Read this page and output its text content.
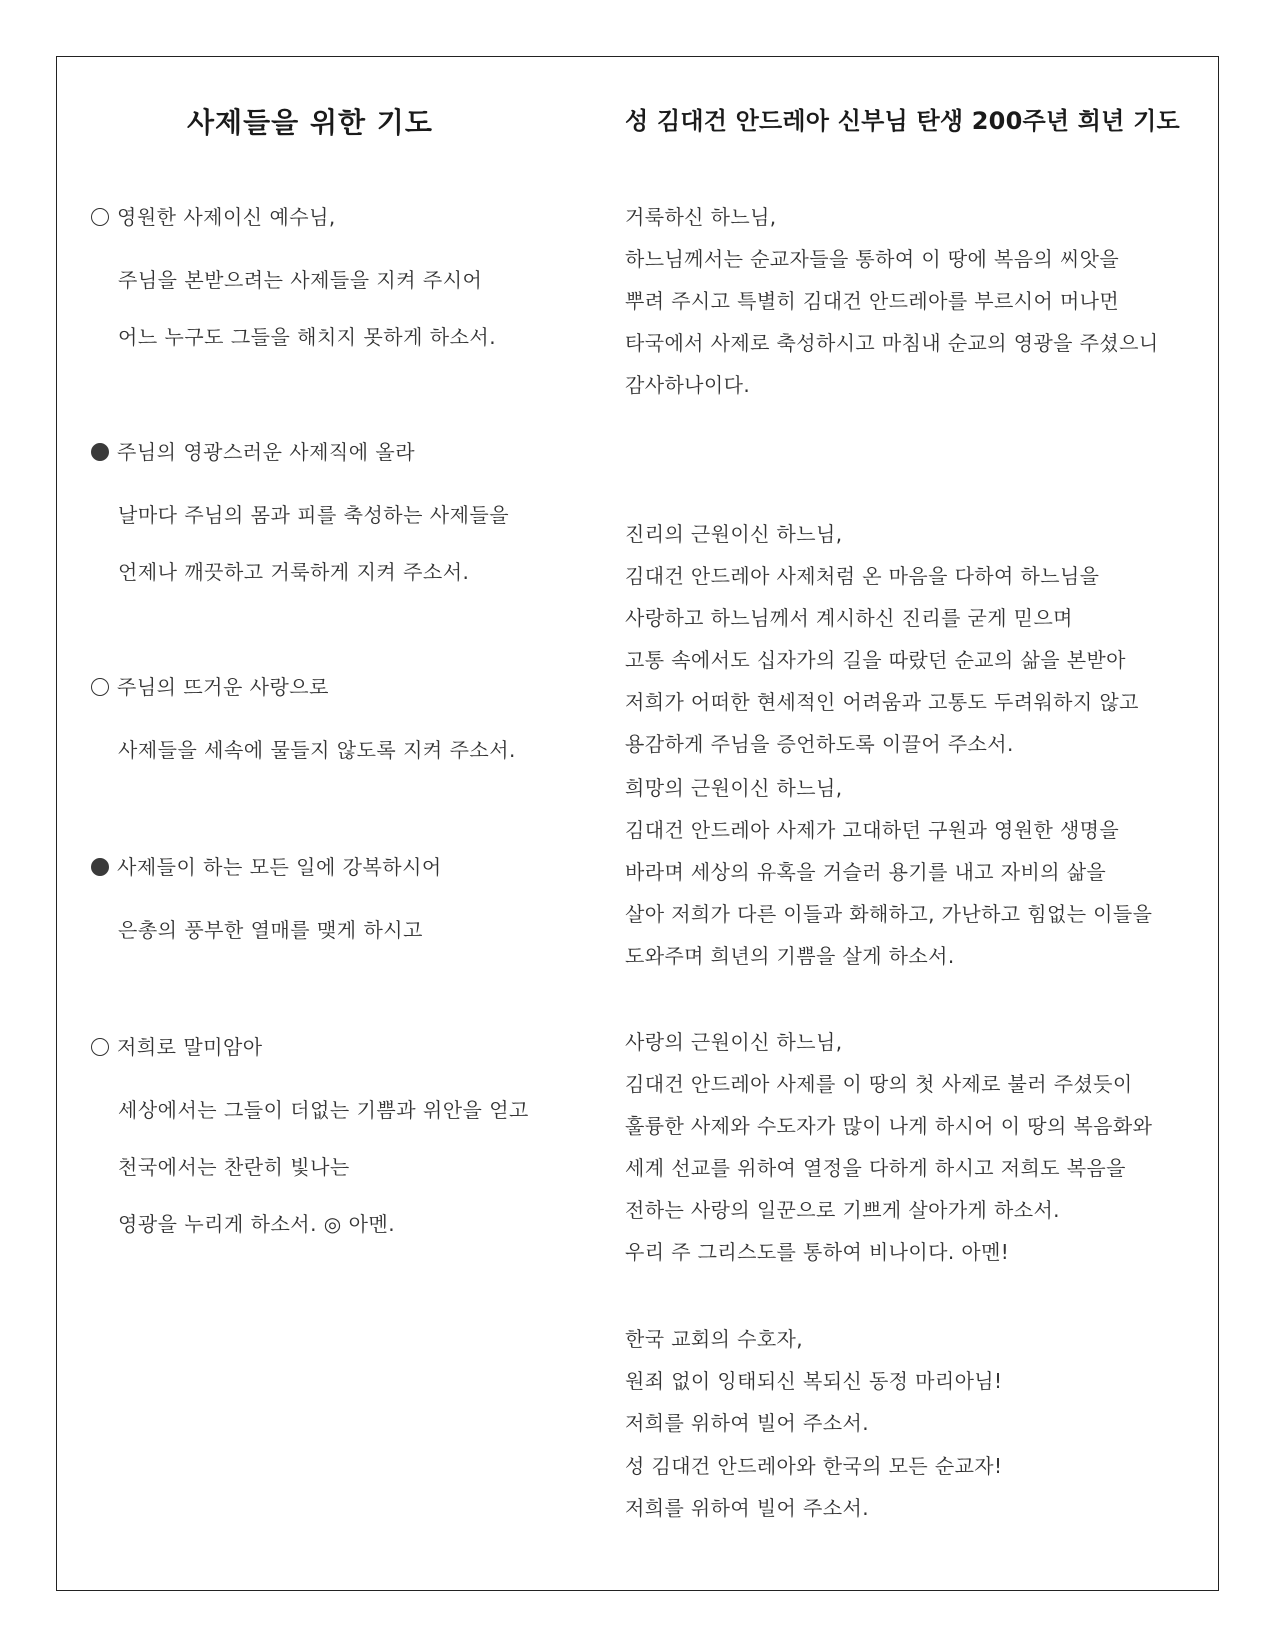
사제들을 위한 기도
영원한 사제이신 예수님,
주님을 본받으려는 사제들을 지켜 주시어
어느 누구도 그들을 해치지 못하게 하소서.
주님의 영광스러운 사제직에 올라
날마다 주님의 몸과 피를 축성하는 사제들을
언제나 깨끗하고 거룩하게 지켜 주소서.
주님의 뜨거운 사랑으로
사제들을 세속에 물들지 않도록 지켜 주소서.
사제들이 하는 모든 일에 강복하시어
은총의 풍부한 열매를 맺게 하시고
저희로 말미암아
세상에서는 그들이 더없는 기쁨과 위안을 얻고
천국에서는 찬란히 빛나는
영광을 누리게 하소서. ◎ 아멘.
성 김대건 안드레아 신부님 탄생 200주년 희년 기도
거룩하신 하느님,
하느님께서는 순교자들을 통하여 이 땅에 복음의 씨앗을
뿌려 주시고 특별히 김대건 안드레아를 부르시어 머나먼
타국에서 사제로 축성하시고 마침내 순교의 영광을 주셨으니
감사하나이다.
진리의 근원이신 하느님,
김대건 안드레아 사제처럼 온 마음을 다하여 하느님을
사랑하고 하느님께서 계시하신 진리를 굳게 믿으며
고통 속에서도 십자가의 길을 따랐던 순교의 삶을 본받아
저희가 어떠한 현세적인 어려움과 고통도 두려워하지 않고
용감하게 주님을 증언하도록 이끌어 주소서.
희망의 근원이신 하느님,
김대건 안드레아 사제가 고대하던 구원과 영원한 생명을
바라며 세상의 유혹을 거슬러 용기를 내고 자비의 삶을
살아 저희가 다른 이들과 화해하고, 가난하고 힘없는 이들을
도와주며 희년의 기쁨을 살게 하소서.
사랑의 근원이신 하느님,
김대건 안드레아 사제를 이 땅의 첫 사제로 불러 주셨듯이
훌륭한 사제와 수도자가 많이 나게 하시어 이 땅의 복음화와
세계 선교를 위하여 열정을 다하게 하시고 저희도 복음을
전하는 사랑의 일꾼으로 기쁘게 살아가게 하소서.
우리 주 그리스도를 통하여 비나이다. 아멘!
한국 교회의 수호자,
원죄 없이 잉태되신 복되신 동정 마리아님!
저희를 위하여 빌어 주소서.
성 김대건 안드레아와 한국의 모든 순교자!
저희를 위하여 빌어 주소서.
